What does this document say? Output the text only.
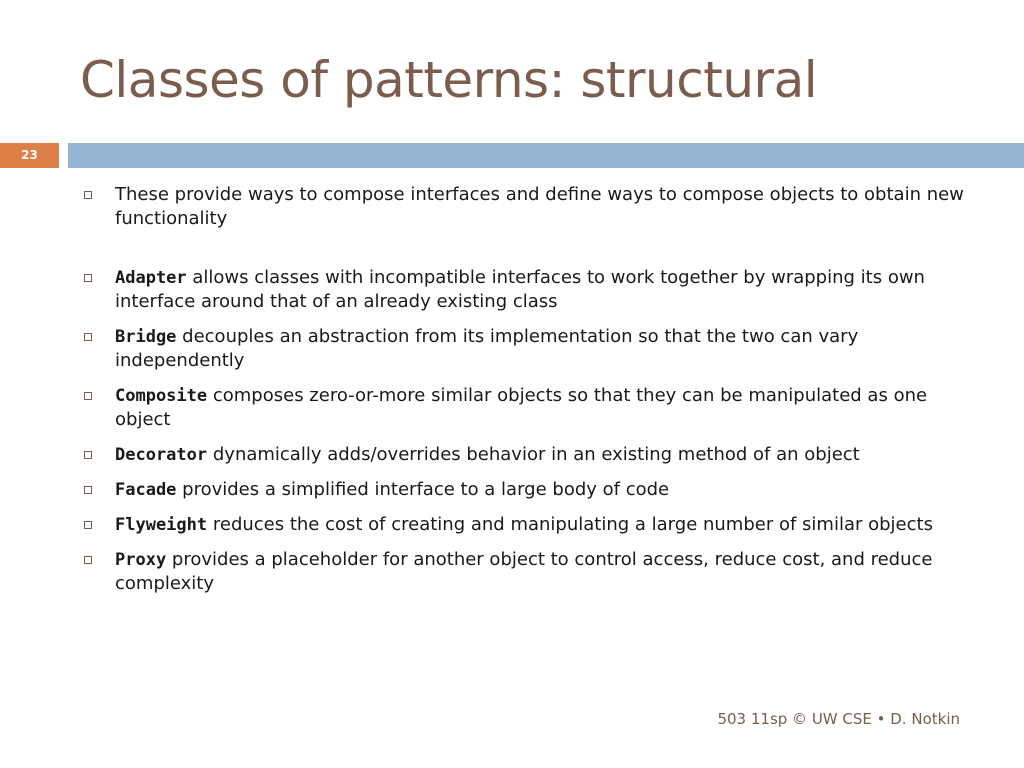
Classes of patterns: structural
23
These provide ways to compose interfaces and define ways to compose objects to obtain new functionality
Adapter allows classes with incompatible interfaces to work together by wrapping its own interface around that of an already existing class
Bridge decouples an abstraction from its implementation so that the two can vary independently
Composite composes zero-or-more similar objects so that they can be manipulated as one object
Decorator dynamically adds/overrides behavior in an existing method of an object
Facade provides a simplified interface to a large body of code
Flyweight reduces the cost of creating and manipulating a large number of similar objects
Proxy provides a placeholder for another object to control access, reduce cost, and reduce complexity
503 11sp © UW CSE • D. Notkin
